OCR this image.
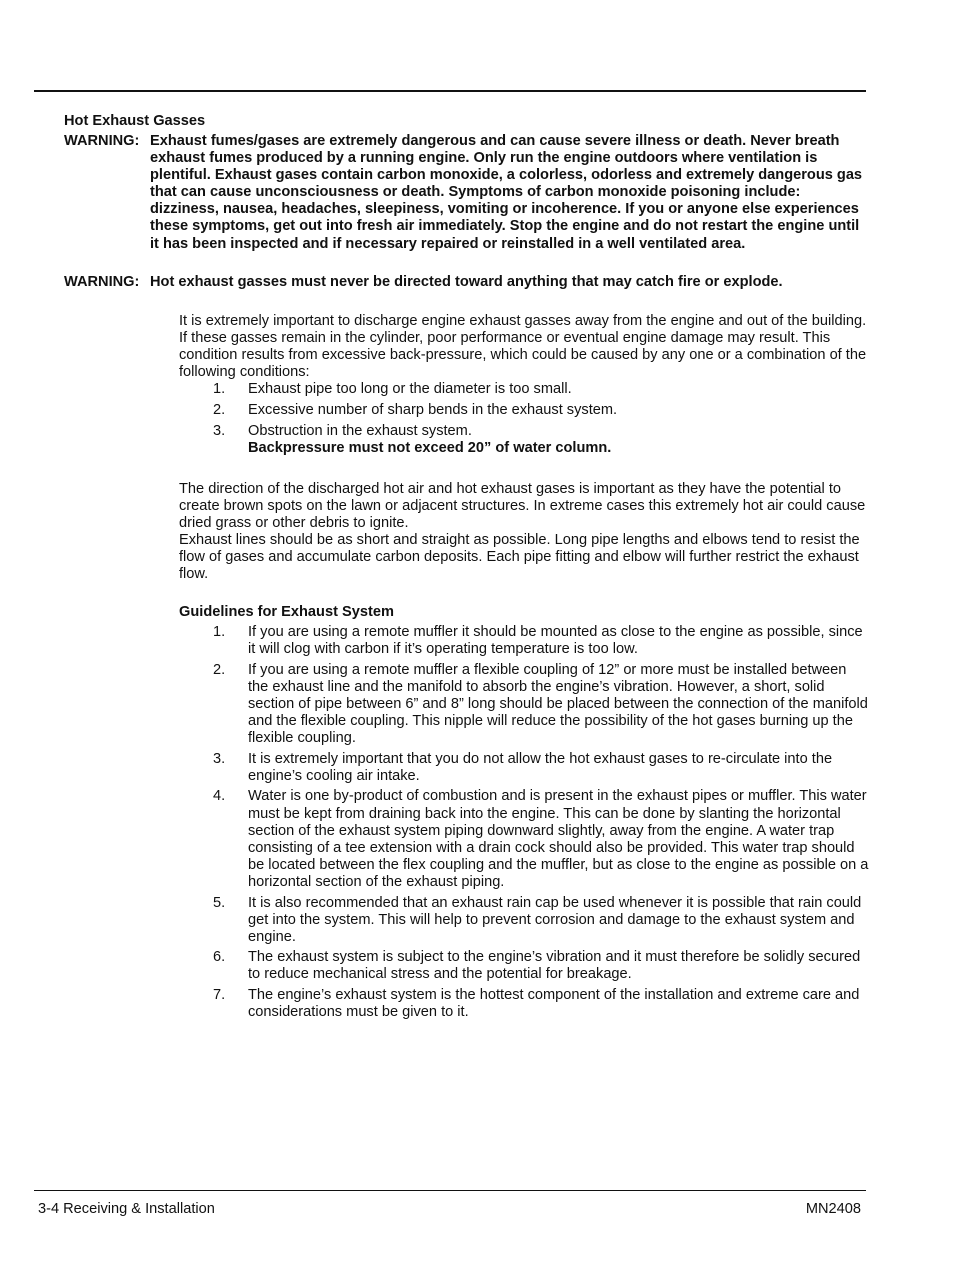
Hot Exhaust Gasses
WARNING: Exhaust fumes/gases are extremely dangerous and can cause severe illness or death. Never breath exhaust fumes produced by a running engine. Only run the engine outdoors where ventilation is plentiful. Exhaust gases contain carbon monoxide, a colorless, odorless and extremely dangerous gas that can cause unconsciousness or death. Symptoms of carbon monoxide poisoning include: dizziness, nausea, headaches, sleepiness, vomiting or incoherence. If you or anyone else experiences these symptoms, get out into fresh air immediately. Stop the engine and do not restart the engine until it has been inspected and if necessary repaired or reinstalled in a well ventilated area.
WARNING: Hot exhaust gasses must never be directed toward anything that may catch fire or explode.

It is extremely important to discharge engine exhaust gasses away from the engine and out of the building. If these gasses remain in the cylinder, poor performance or eventual engine damage may result. This condition results from excessive back-pressure, which could be caused by any one or a combination of the following conditions:

1.	Exhaust pipe too long or the diameter is too small.
2.	Excessive number of sharp bends in the exhaust system.
3.	Obstruction in the exhaust system.
Backpressure must not exceed 20” of water column.

The direction of the discharged hot air and hot exhaust gases is important as they have the potential to create brown spots on the lawn or adjacent structures. In extreme cases this extremely hot air could cause dried grass or other debris to ignite.

Exhaust lines should be as short and straight as possible. Long pipe lengths and elbows tend to resist the flow of gases and accumulate carbon deposits. Each pipe fitting and elbow will further restrict the exhaust flow.

Guidelines for Exhaust System
1.	If you are using a remote muffler it should be mounted as close to the engine as possible, since it will clog with carbon if it’s operating temperature is too low.
2.	If you are using a remote muffler a flexible coupling of 12” or more must be installed between the exhaust line and the manifold to absorb the engine’s vibration. However, a short, solid section of pipe between 6” and 8” long should be placed between the connection of the manifold and the flexible coupling. This nipple will reduce the possibility of the hot gases burning up the flexible coupling.
3.	It is extremely important that you do not allow the hot exhaust gases to re-circulate into the engine’s cooling air intake.
4.	Water is one by-product of combustion and is present in the exhaust pipes or muffler. This water must be kept from draining back into the engine. This can be done by slanting the horizontal section of the exhaust system piping downward slightly, away from the engine. A water trap consisting of a tee extension with a drain cock should also be provided. This water trap should be located between the flex coupling and the muffler, but as close to the engine as possible on a horizontal section of the exhaust piping.
5.	It is also recommended that an exhaust rain cap be used whenever it is possible that rain could get into the system. This will help to prevent corrosion and damage to the exhaust system and engine.
6.	The exhaust system is subject to the engine’s vibration and it must therefore be solidly secured to reduce mechanical stress and the potential for breakage.
7.	The engine’s exhaust system is the hottest component of the installation and extreme care and considerations must be given to it.
3-4 Receiving & Installation	MN2408
